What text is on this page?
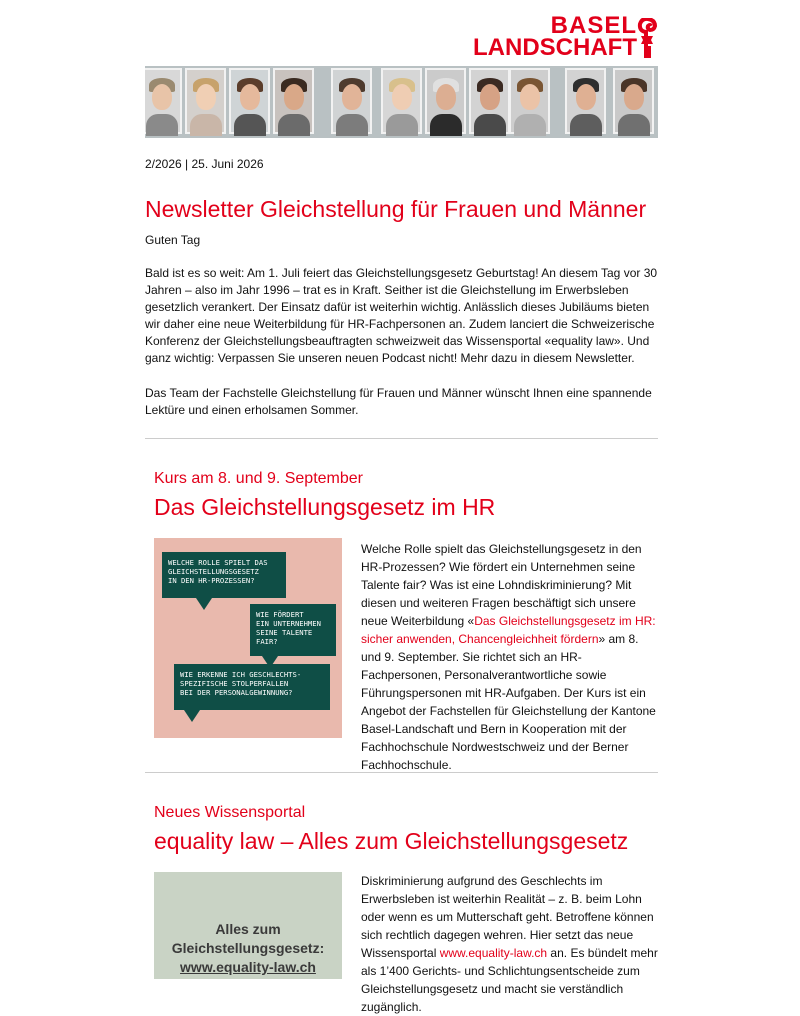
BASEL
LANDSCHAFT
2/2026 | 25. Juni 2026
Newsletter Gleichstellung für Frauen und Männer
Guten Tag

Bald ist es so weit: Am 1. Juli feiert das Gleichstellungsgesetz Geburtstag! An diesem Tag vor 30 Jahren – also im Jahr 1996 – trat es in Kraft. Seither ist die Gleichstellung im Erwerbsleben gesetzlich verankert. Der Einsatz dafür ist weiterhin wichtig. Anlässlich dieses Jubiläums bieten wir daher eine neue Weiterbildung für HR-Fachpersonen an. Zudem lanciert die Schweizerische Konferenz der Gleichstellungsbeauftragten schweizweit das Wissensportal «equality law». Und ganz wichtig: Verpassen Sie unseren neuen Podcast nicht! Mehr dazu in diesem Newsletter.

Das Team der Fachstelle Gleichstellung für Frauen und Männer wünscht Ihnen eine spannende Lektüre und einen erholsamen Sommer.

Kurs am 8. und 9. September
Das Gleichstellungsgesetz im HR
WELCHE ROLLE SPIELT DAS
GLEICHSTELLUNGSGESETZ
IN DEN HR-PROZESSEN?
WIE FÖRDERT
EIN UNTERNEHMEN
SEINE TALENTE
FAIR?
WIE ERKENNE ICH GESCHLECHTS-
SPEZIFISCHE STOLPERFALLEN
BEI DER PERSONALGEWINNUNG?

Welche Rolle spielt das Gleichstellungsgesetz in den HR-Prozessen? Wie fördert ein Unternehmen seine Talente fair? Was ist eine Lohndiskriminierung? Mit diesen und weiteren Fragen beschäftigt sich unsere neue Weiterbildung «Das Gleichstellungsgesetz im HR: sicher anwenden, Chancengleichheit fördern» am 8. und 9. September. Sie richtet sich an HR-Fachpersonen, Personalverantwortliche sowie Führungspersonen mit HR-Aufgaben. Der Kurs ist ein Angebot der Fachstellen für Gleichstellung der Kantone Basel-Landschaft und Bern in Kooperation mit der Fachhochschule Nordwestschweiz und der Berner Fachhochschule.

Neues Wissensportal
equality law – Alles zum Gleichstellungsgesetz
Alles zum
Gleichstellungsgesetz:
www.equality-law.ch

Diskriminierung aufgrund des Geschlechts im Erwerbsleben ist weiterhin Realität – z. B. beim Lohn oder wenn es um Mutterschaft geht. Betroffene können sich rechtlich dagegen wehren. Hier setzt das neue Wissensportal www.equality-law.ch an. Es bündelt mehr als 1’400 Gerichts- und Schlichtungsentscheide zum Gleichstellungsgesetz und macht sie verständlich zugänglich.
